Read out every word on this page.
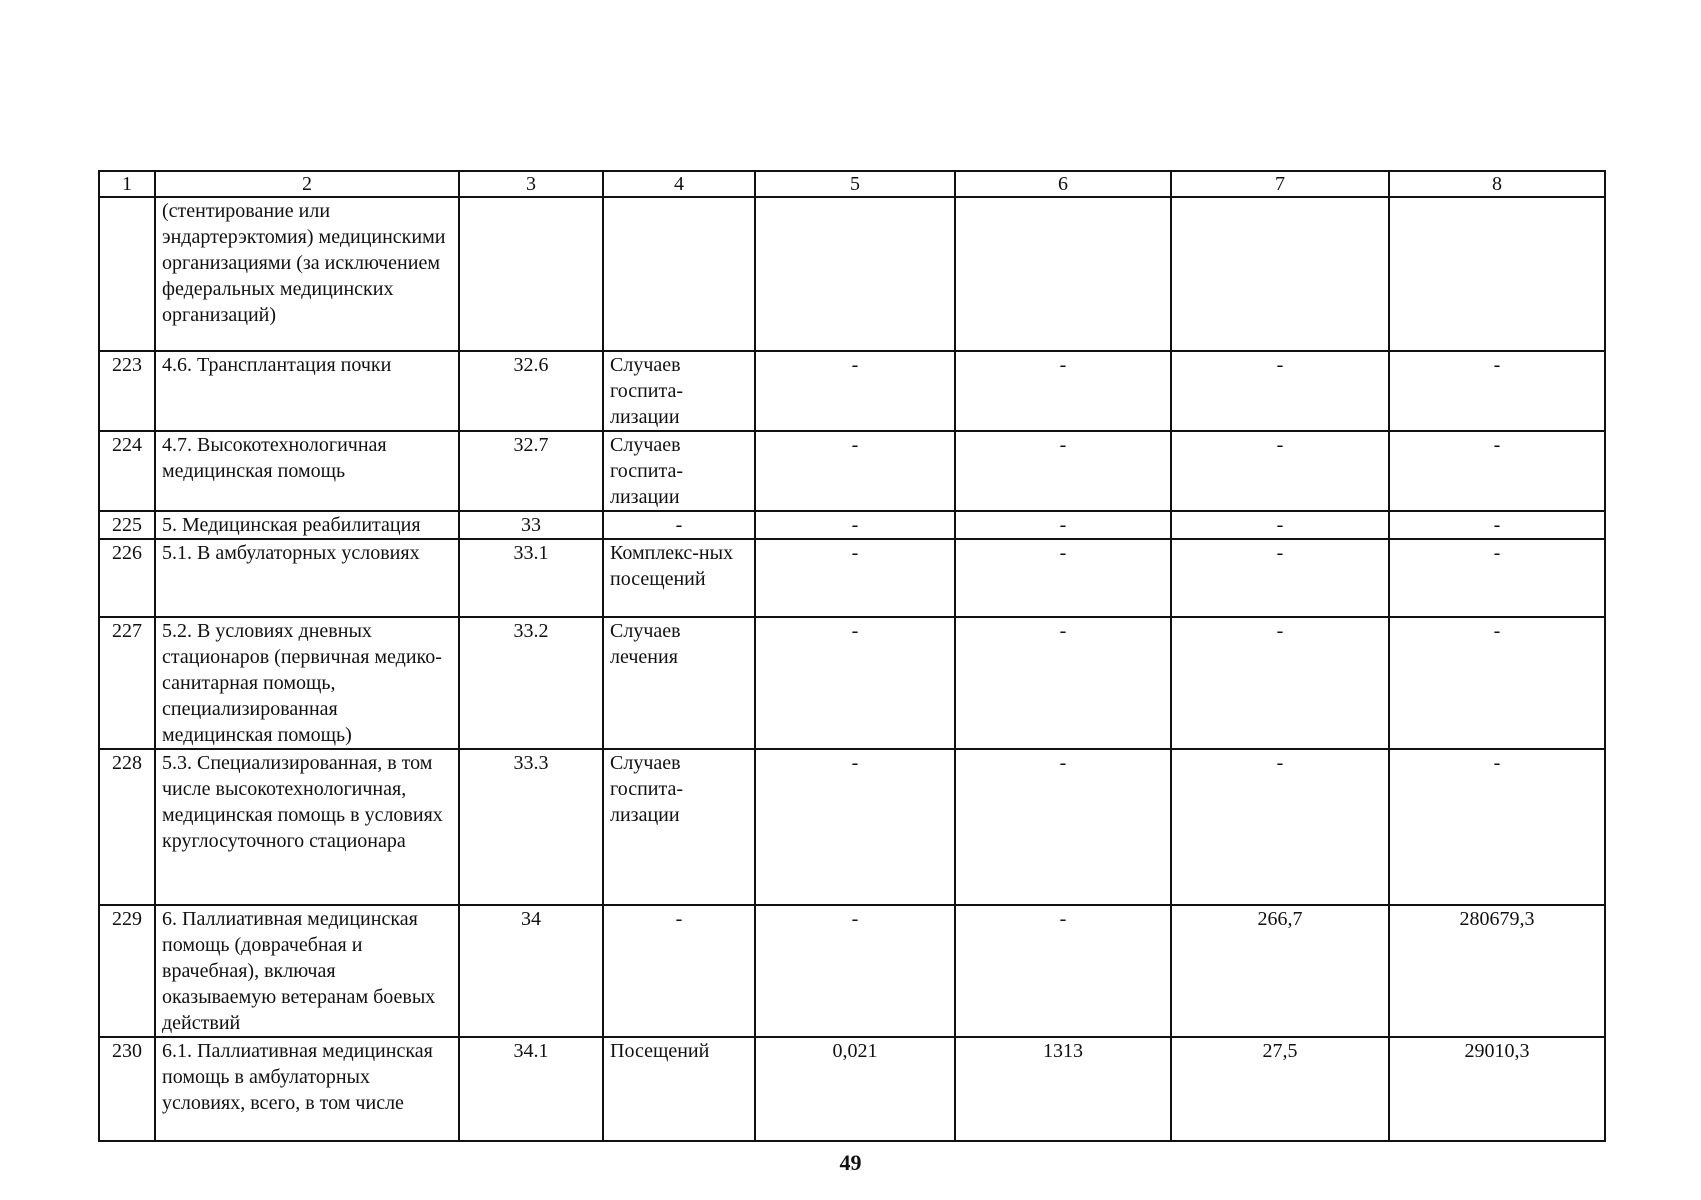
1	2	3	4	5	6	7	8
	(стентирование или эндартерэктомия) медицинскими организациями (за исключением федеральных медицинских организаций)						
223	4.6. Трансплантация почки	32.6	Случаев госпита-лизации	-	-	-	-
224	4.7. Высокотехнологичная медицинская помощь	32.7	Случаев госпита-лизации	-	-	-	-
225	5. Медицинская реабилитация	33	-	-	-	-	-
226	5.1. В амбулаторных условиях	33.1	Комплекс-ных посещений	-	-	-	-
227	5.2. В условиях дневных стационаров (первичная медико-санитарная помощь, специализированная медицинская помощь)	33.2	Случаев лечения	-	-	-	-
228	5.3. Специализированная, в том числе высокотехнологичная, медицинская помощь в условиях круглосуточного стационара	33.3	Случаев госпита-лизации	-	-	-	-
229	6. Паллиативная медицинская помощь (доврачебная и врачебная), включая оказываемую ветеранам боевых действий	34	-	-	-	266,7	280679,3
230	6.1. Паллиативная медицинская помощь в амбулаторных условиях, всего, в том числе	34.1	Посещений	0,021	1313	27,5	29010,3
49
